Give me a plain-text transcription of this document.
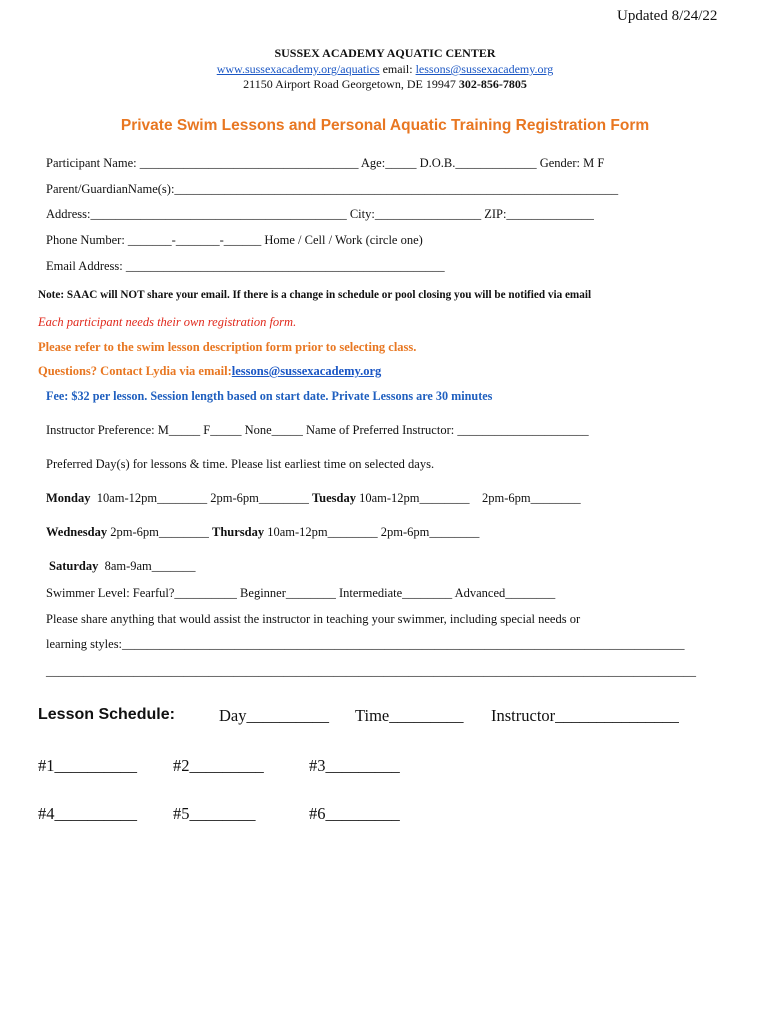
Updated 8/24/22
SUSSEX ACADEMY AQUATIC CENTER
www.sussexacademy.org/aquatics email: lessons@sussexacademy.org
21150 Airport Road Georgetown, DE 19947 302-856-7805
Private Swim Lessons and Personal Aquatic Training Registration Form
Participant Name: ___________________________________ Age:_____ D.O.B._____________ Gender: M F
Parent/GuardianName(s):_______________________________________________________________________
Address:_________________________________________ City:_________________ ZIP:______________
Phone Number: _______-_______-______ Home / Cell / Work (circle one)
Email Address: ___________________________________________________
Note: SAAC will NOT share your email. If there is a change in schedule or pool closing you will be notified via email
Each participant needs their own registration form.
Please refer to the swim lesson description form prior to selecting class.
Questions? Contact Lydia via email:lessons@sussexacademy.org
Fee: $32 per lesson. Session length based on start date. Private Lessons are 30 minutes
Instructor Preference: M_____ F_____ None_____ Name of Preferred Instructor: _____________________
Preferred Day(s) for lessons & time. Please list earliest time on selected days.
Monday 10am-12pm________ 2pm-6pm________ Tuesday 10am-12pm________    2pm-6pm________
Wednesday 2pm-6pm________ Thursday 10am-12pm________ 2pm-6pm________
Saturday 8am-9am_______
Swimmer Level: Fearful?__________ Beginner________ Intermediate________ Advanced________
Please share anything that would assist the instructor in teaching your swimmer, including special needs or
learning styles:__________________________________________________________________________________________
________________________________________________________________________________________________________
Lesson Schedule:	Day__________ Time_________ Instructor_______________
#1__________ #2_________	#3_________
#4__________ #5________	#6_________
